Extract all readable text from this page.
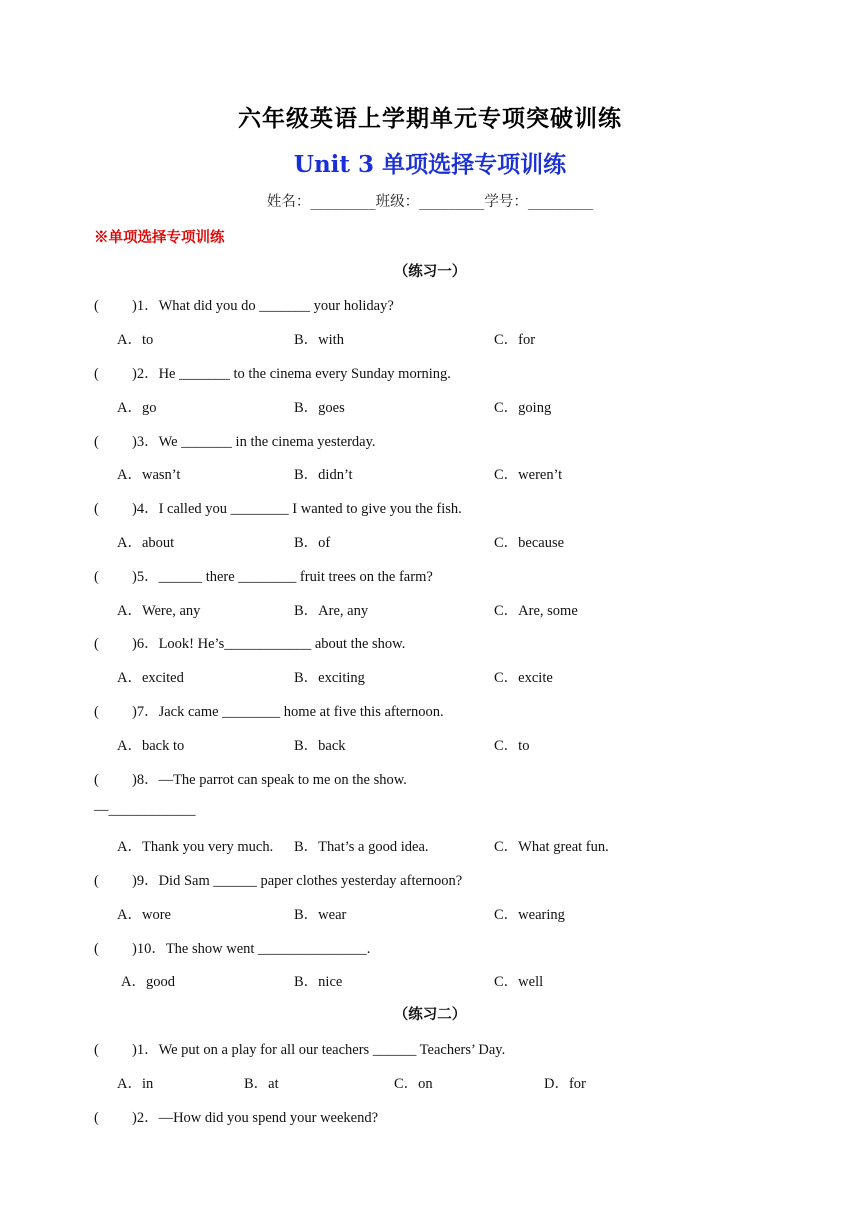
六年级英语上学期单元专项突破训练
Unit 3 单项选择专项训练
姓名：_________班级：_________学号：_________
※单项选择专项训练
（练习一）
( )1．What did you do _______ your holiday?
A．to	B．with	C．for
( )2．He _______ to the cinema every Sunday morning.
A．go	B．goes	C．going
( )3．We _______ in the cinema yesterday.
A．wasn’t	B．didn’t	C．weren’t
( )4．I called you ________ I wanted to give you the fish.
A．about	B．of	C．because
( )5．______ there ________ fruit trees on the farm?
A．Were, any	B．Are, any	C．Are, some
( )6．Look! He’s____________ about the show.
A．excited	B．exciting	C．excite
( )7．Jack came ________ home at five this afternoon.
A．back to	B．back	C．to
( )8．—The parrot can speak to me on the show.
—____________
A．Thank you very much. B．That’s a good idea.	C．What great fun.
( )9．Did Sam ______ paper clothes yesterday afternoon?
A．wore	B．wear	C．wearing
( )10．The show went _______________.
A．good	B．nice	C．well
（练习二）
( )1．We put on a play for all our teachers ______ Teachers’ Day.
A．in	B．at	C．on	D．for
( )2．—How did you spend your weekend?
